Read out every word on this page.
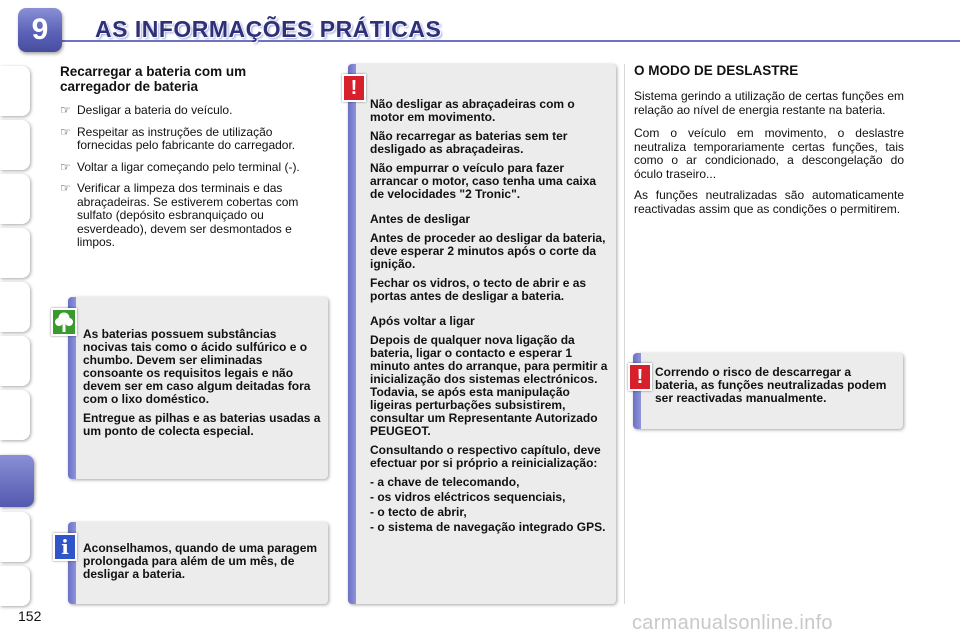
9	AS INFORMAÇÕES PRÁTICAS
Recarregar a bateria com um
carregador de bateria
☞ Desligar a bateria do veículo.
☞ Respeitar as instruções de utilização fornecidas pelo fabricante do carregador.
☞ Voltar a ligar começando pelo terminal (-).
☞ Verificar a limpeza dos terminais e das abraçadeiras. Se estiverem cobertas com sulfato (depósito esbranquiçado ou esverdeado), devem ser desmontados e limpos.

As baterias possuem substâncias nocivas tais como o ácido sulfúrico e o chumbo. Devem ser eliminadas consoante os requisitos legais e não devem ser em caso algum deitadas fora com o lixo doméstico.

Entregue as pilhas e as baterias usadas a um ponto de colecta especial.

Aconselhamos, quando de uma paragem prolongada para além de um mês, de desligar a bateria.
i

Não desligar as abraçadeiras com o motor em movimento.

Não recarregar as baterias sem ter desligado as abraçadeiras.

Não empurrar o veículo para fazer arrancar o motor, caso tenha uma caixa de velocidades "2 Tronic".

Antes de desligar

Antes de proceder ao desligar da bateria, deve esperar 2 minutos após o corte da ignição.

Fechar os vidros, o tecto de abrir e as portas antes de desligar a bateria.

Após voltar a ligar

Depois de qualquer nova ligação da bateria, ligar o contacto e esperar 1 minuto antes do arranque, para permitir a inicialização dos sistemas electrónicos. Todavia, se após esta manipulação ligeiras perturbações subsistirem, consultar um Representante Autorizado PEUGEOT.

Consultando o respectivo capítulo, deve efectuar por si próprio a reinicialização:

- a chave de telecomando,
- os vidros eléctricos sequenciais,
- o tecto de abrir,
- o sistema de navegação integrado GPS.
!
O MODO DE DESLASTRE
Sistema gerindo a utilização de certas funções em relação ao nível de energia restante na bateria.
Com o veículo em movimento, o deslastre neutraliza temporariamente certas funções, tais como o ar condicionado, a descongelação do óculo traseiro...
As funções neutralizadas são automaticamente reactivadas assim que as condições o permitirem.
Correndo o risco de descarregar a bateria, as funções neutralizadas podem ser reactivadas manualmente.
!
152	carmanualsonline.info
